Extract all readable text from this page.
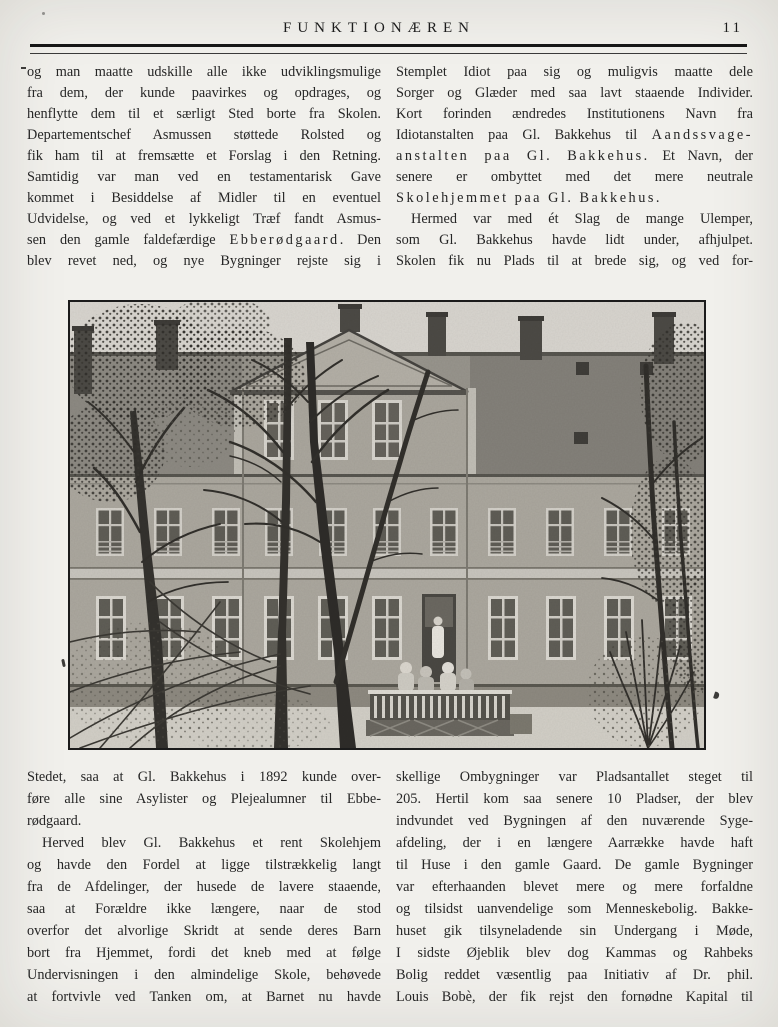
FUNKTIONÆREN	11
og man maatte udskille alle ikke udviklingsmulige
fra dem, der kunde paavirkes og opdrages, og
henflytte dem til et særligt Sted borte fra Skolen.
Departementschef Asmussen støttede Rolsted og
fik ham til at fremsætte et Forslag i den Retning.
Samtidig var man ved en testamentarisk Gave
kommet i Besiddelse af Midler til en eventuel
Udvidelse, og ved et lykkeligt Træf fandt Asmus-
sen den gamle faldefærdige Ebberødgaard. Den
blev revet ned, og nye Bygninger rejste sig i
Stemplet Idiot paa sig og muligvis maatte dele
Sorger og Glæder med saa lavt staaende Individer.
Kort forinden ændredes Institutionens Navn fra
Idiotanstalten paa Gl. Bakkehus til Aandssvage-
anstalten paa Gl. Bakkehus. Et Navn, der
senere er ombyttet med det mere neutrale
Skolehjemmet paa Gl. Bakkehus.
Hermed var med ét Slag de mange Ulemper,
som Gl. Bakkehus havde lidt under, afhjulpet.
Skolen fik nu Plads til at brede sig, og ved for-
Stedet, saa at Gl. Bakkehus i 1892 kunde over-
føre alle sine Asylister og Plejealumner til Ebbe-
rødgaard.
Herved blev Gl. Bakkehus et rent Skolehjem
og havde den Fordel at ligge tilstrækkelig langt
fra de Afdelinger, der husede de lavere staaende,
saa at Forældre ikke længere, naar de stod
overfor det alvorlige Skridt at sende deres Barn
bort fra Hjemmet, fordi det kneb med at følge
Undervisningen i den almindelige Skole, behøvede
at fortvivle ved Tanken om, at Barnet nu havde
skellige Ombygninger var Pladsantallet steget til
205. Hertil kom saa senere 10 Pladser, der blev
indvundet ved Bygningen af den nuværende Syge-
afdeling, der i en længere Aarrække havde haft
til Huse i den gamle Gaard. De gamle Bygninger
var efterhaanden blevet mere og mere forfaldne
og tilsidst uanvendelige som Menneskebolig. Bakke-
huset gik tilsyneladende sin Undergang i Møde,
I sidste Øjeblik blev dog Kammas og Rahbeks
Bolig reddet væsentlig paa Initiativ af Dr. phil.
Louis Bobè, der fik rejst den fornødne Kapital til
